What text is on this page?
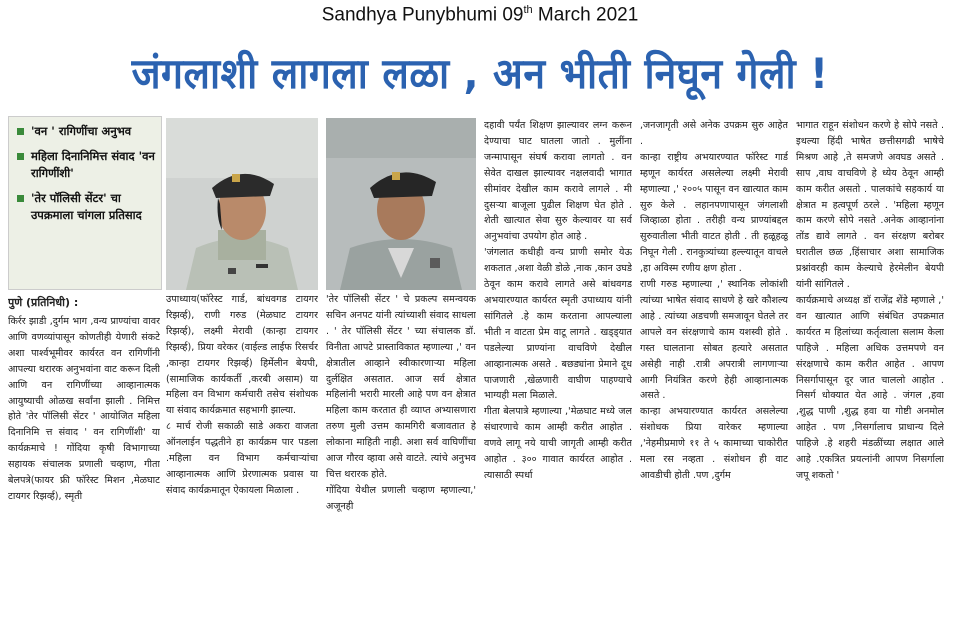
Sandhya Punybhumi 09th March 2021
जंगलाशी लागला लळा , अन भीती निघून गेली !
'वन ' रागिणींचा अनुभव
महिला दिनानिमित्त संवाद 'वन रागिणींशी'
'तेर पॉलिसी सेंटर' चा उपक्रमाला चांगला प्रतिसाद
पुणे (प्रतिनिधी) :
किर्रर झाडी ,दुर्गम भाग ,वन्य प्राण्यांचा वावर आणि वणव्यांपासून कोणतीही येणारी संकटे अशा पार्श्वभूमीवर कार्यरत वन रागिणींनी आपल्या थरारक अनुभवांना वाट करून दिली आणि वन रागिणींच्या आव्हानात्मक आयुष्याची ओळख सर्वांना झाली . निमित्त होते 'तेर पॉलिसी सेंटर ' आयोजित महिला दिनानिमि त्त संवाद ' वन रागिणींशी' या कार्यक्रमाचे ! गोंदिया कृषी विभागाच्या सहायक संचालक प्रणाली चव्हाण, गीता बेलपत्रे(फायर फ्री फॉरेस्ट मिशन ,मेळघाट टायगर रिझर्व्ह), स्मृती
उपाध्याय(फॉरेस्ट गार्ड, बांधवगड टायगर रिझर्व्ह), राणी गरुड (मेळघाट टायगर रिझर्व्ह), लक्ष्मी मेरावी (कान्हा टायगर रिझर्व्ह), प्रिया वरेकर (वाईल्ड लाईफ रिसर्चर ,कान्हा टायगर रिझर्व्ह) हिर्मेलीन बेयपी, (सामाजिक कार्यकर्ती ,करबी असाम) या महिला वन विभाग कर्मचारी तसेच संशोधक या संवाद कार्यक्रमात सहभागी झाल्या.
८ मार्च रोजी सकाळी साडे अकरा वाजता ऑनलाईन पद्धतीने हा कार्यक्रम पार पडला .महिला वन विभाग कर्मचाऱ्यांचा आव्हानात्मक आणि प्रेरणात्मक प्रवास या संवाद कार्यक्रमातून ऐकायला मिळाला .
'तेर पॉलिसी सेंटर ' चे प्रकल्प समन्वयक सचिन अनपट यांनी त्यांच्याशी संवाद साधला . ' तेर पॉलिसी सेंटर ' च्या संचालक डॉ. विनीता आपटे प्रास्ताविकात म्हणाल्या ,' वन क्षेत्रातील आव्हाने स्वीकारणाऱ्या महिला दुर्लक्षित असतात. आज सर्व क्षेत्रात महिलांनी भरारी मारली आहे पण वन क्षेत्रात महिला काम करतात ही व्याप्त अभ्यासणारा तरुण मुली उत्तम कामगिरी बजावतात हे लोकाना माहिती नाही. अशा सर्व वाघिणींचा आज गौरव व्हावा असे वाटते. त्यांचे अनुभव चित्त थरारक होते.
गोंदिया येथील प्रणाली चव्हाण म्हणाल्या,' अजूनही
दहावी पर्यंत शिक्षण झाल्यावर लग्न करून देण्याचा घाट घातला जातो . मुलींना जन्मापासून संघर्ष करावा लागतो . वन सेवेत दाखल झाल्यावर नक्षलवादी भागात सीमांवर देखील काम करावे लागले . मी दुसऱ्या बाजूला पुढील शिक्षण घेत होते . शेती खात्यात सेवा सुरु केल्यावर या सर्व अनुभवांचा उपयोग होत आहे .
'जंगलात कधीही वन्य प्राणी समोर येऊ शकतात ,अशा वेळी डोळे ,नाक ,कान उघडे ठेवून काम करावे लागते असे बांधवगड अभयारण्यात कार्यरत स्मृती उपाध्याय यांनी सांगितले .हे काम करताना आपल्याला भीती न वाटता प्रेम वाटू लागते . खड्ड्यात पडलेल्या प्राण्यांना वाचविणे देखील आव्हानात्मक असते . बछड्यांना प्रेमाने दूध पाजणारी ,खेळणारी वाघीण पाहण्याचे भाग्यही मला मिळाले.
गीता बेलपात्रे म्हणाल्या ,'मेळघाट मध्ये जल संधारणाचे काम आम्ही करीत आहोत . वणवे लागू नये याची जागृती आम्ही करीत आहोत . ३०० गावात कार्यरत आहोत . त्यासाठी स्पर्धा
,जनजागृती असे अनेक उपक्रम सुरु आहेत .
कान्हा राष्ट्रीय अभयारण्यात फॉरेस्ट गार्ड म्हणून कार्यरत असलेल्या लक्ष्मी मेरावी म्हणाल्या ,' २००५ पासून वन खात्यात काम सुरु केले . लहानपणापासून जंगलाशी जिव्हाळा होता . तरीही वन्य प्राण्यांबद्दल सुरुवातीला भीती वाटत होती . ती हळूहळू निघून गेली . रानकुत्र्यांच्या हल्ल्यातून वाचले ,हा अविस्म रणीय क्षण होता .
राणी गरुड म्हणाल्या ,' स्थानिक लोकांशी त्यांच्या भाषेत संवाद साधणे हे खरे कौशल्य आहे . त्यांच्या अडचणी समजावून घेतले तर आपले वन संरक्षणाचे काम यशस्वी होते . गस्त घालताना सोबत हत्यारे असतात असेही नाही .रात्री अपरात्री लागणाऱ्या आगी नियंत्रित करणे हेही आव्हानात्मक असते .
कान्हा अभयारण्यात कार्यरत असलेल्या संशोधक प्रिया वारेकर म्हणाल्या ,'नेहमीप्रमाणे ११ ते ५ कामाच्या चाकोरीत मला रस नव्हता . संशोधन ही वाट आवडीची होती .पण ,दुर्गम
भागात राहून संशोधन करणे हे सोपे नसते . इथल्या हिंदी भाषेत छत्तीसगढी भाषेचे मिश्रण आहे ,ते समजणे अवघड असते . साप ,वाघ वाचविणे हे ध्येय ठेवून आम्ही काम करीत असतो . पालकांचे सहकार्य या क्षेत्रात म हत्वपूर्ण ठरले . 'महिला म्हणून काम करणे सोपे नसते .अनेक आव्हानांना तोंड द्यावे लागते . वन संरक्षण बरोबर घरातील छळ ,हिंसाचार अशा सामाजिक प्रश्नांवरही काम केल्याचे हेरमेलीन बेयपी यांनी सांगितले .
कार्यक्रमाचे अध्यक्ष डॉ राजेंद्र शेंडे म्हणाले ,' वन खात्यात आणि संबंधित उपक्रमात कार्यरत म हिलांच्या कर्तृत्वाला सलाम केला पाहिजे . महिला अधिक उत्तमपणे वन संरक्षणाचे काम करीत आहेत . आपण निसर्गापासून दूर जात चाललो आहोत . निसर्ग धोक्यात येत आहे . जंगल ,हवा ,शुद्ध पाणी ,शुद्ध हवा या गोष्टी अनमोल आहेत . पण ,निसर्गालाच प्राधान्य दिले पाहिजे .हे शहरी मंडळींच्या लक्षात आले आहे .एकत्रित प्रयत्नांनी आपण निसर्गाला जपू शकतो '
